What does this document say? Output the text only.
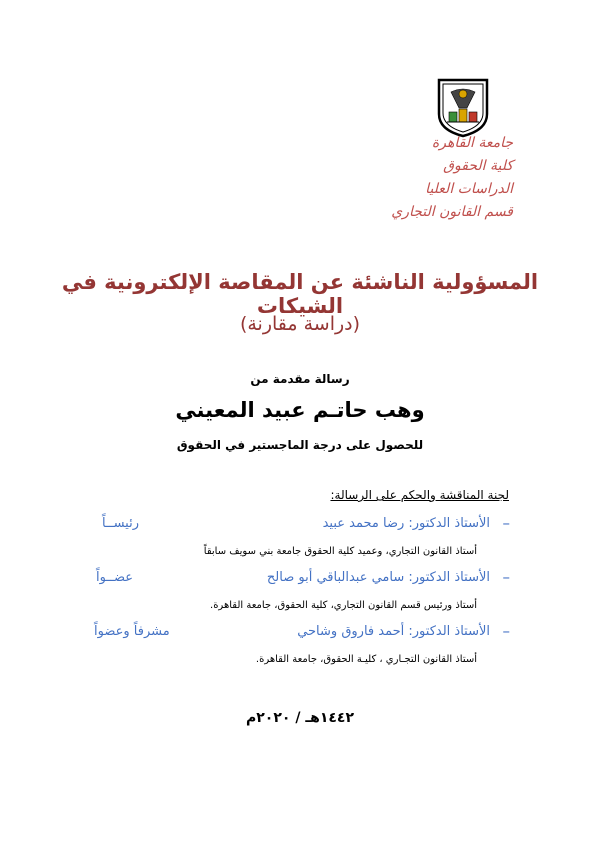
جامعة القاهرة
كلية الحقوق
الدراسات العليا
قسم القانون التجاري
المسؤولية الناشئة عن المقاصة الإلكترونية في الشيكات
(دراسة مقارنة)
رسالة مقدمة من
وهب حاتـم عبيد المعيني
للحصول على درجة الماجستير في الحقوق
لجنة المناقشة والحكم على الرسالة:
–
الأستاذ الدكتور: رضا محمد عبيد
رئيســاً
أستاذ القانون التجاري، وعميد كلية الحقوق جامعة بني سويف سابقاً
–
الأستاذ الدكتور: سامي عبدالباقي أبو صالح
عضــواً
أستاذ ورئيس قسم القانون التجاري، كلية الحقوق، جامعة القاهرة.
–
الأستاذ الدكتور: أحمد فاروق وشاحي
مشرفاً وعضواً
أستاذ القانون التجـاري ، كليـة الحقوق، جامعة القاهرة.
١٤٤٢هـ / ٢٠٢٠م
